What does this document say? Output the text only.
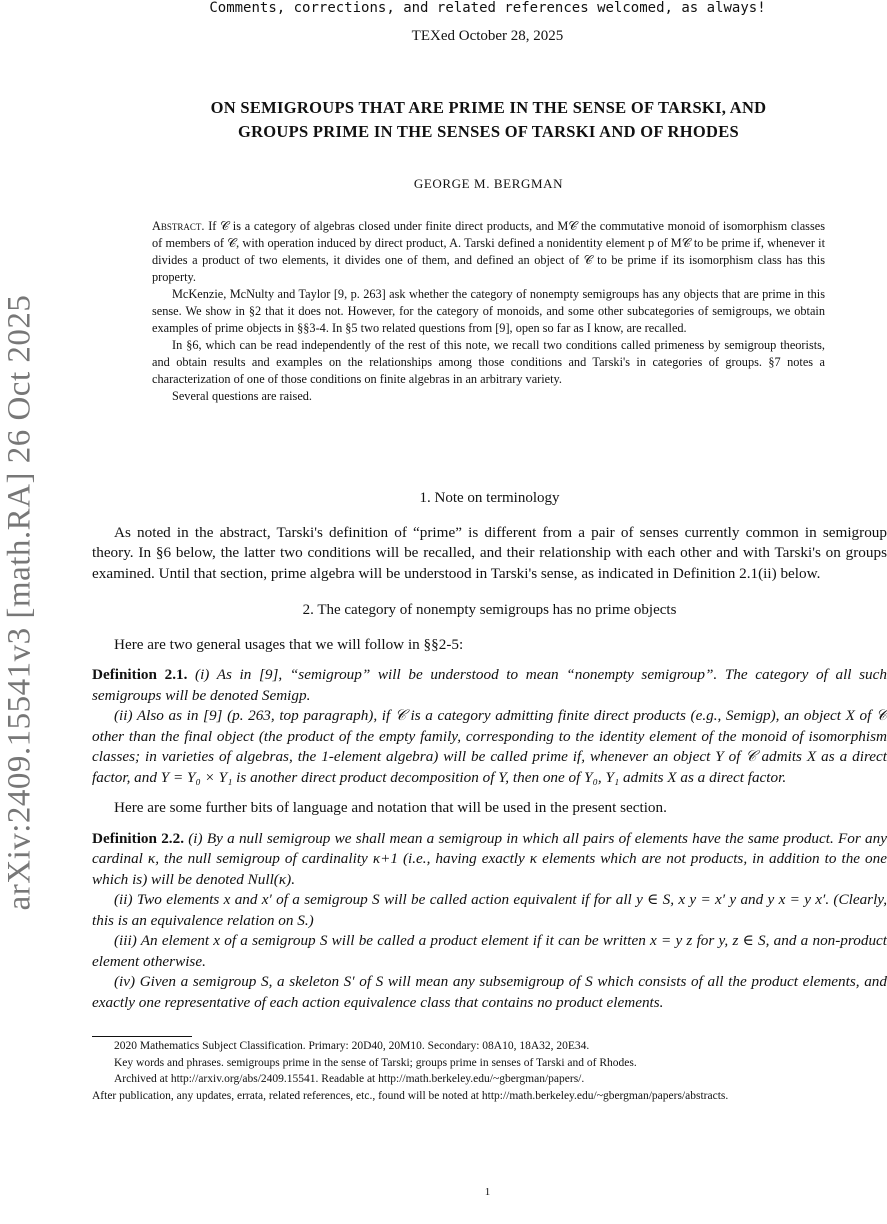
Comments, corrections, and related references welcomed, as always!
TEXed October 28, 2025
arXiv:2409.15541v3 [math.RA] 26 Oct 2025
ON SEMIGROUPS THAT ARE PRIME IN THE SENSE OF TARSKI, AND
GROUPS PRIME IN THE SENSES OF TARSKI AND OF RHODES
GEORGE M. BERGMAN

Abstract. If 𝒞 is a category of algebras closed under finite direct products, and M𝒞 the commutative monoid of isomorphism classes of members of 𝒞, with operation induced by direct product, A. Tarski defined a nonidentity element p of M𝒞 to be prime if, whenever it divides a product of two elements, it divides one of them, and defined an object of 𝒞 to be prime if its isomorphism class has this property.

McKenzie, McNulty and Taylor [9, p. 263] ask whether the category of nonempty semigroups has any objects that are prime in this sense. We show in §2 that it does not. However, for the category of monoids, and some other subcategories of semigroups, we obtain examples of prime objects in §§3-4. In §5 two related questions from [9], open so far as I know, are recalled.

In §6, which can be read independently of the rest of this note, we recall two conditions called primeness by semigroup theorists, and obtain results and examples on the relationships among those conditions and Tarski's in categories of groups. §7 notes a characterization of one of those conditions on finite algebras in an arbitrary variety.

Several questions are raised.

1. Note on terminology

As noted in the abstract, Tarski's definition of “prime” is different from a pair of senses currently common in semigroup theory. In §6 below, the latter two conditions will be recalled, and their relationship with each other and with Tarski's on groups examined. Until that section, prime algebra will be understood in Tarski's sense, as indicated in Definition 2.1(ii) below.

2. The category of nonempty semigroups has no prime objects

Here are two general usages that we will follow in §§2-5:

Definition 2.1. (i) As in [9], “semigroup” will be understood to mean “nonempty semigroup”. The category of all such semigroups will be denoted Semigp.

(ii) Also as in [9] (p. 263, top paragraph), if 𝒞 is a category admitting finite direct products (e.g., Semigp), an object X of 𝒞 other than the final object (the product of the empty family, corresponding to the identity element of the monoid of isomorphism classes; in varieties of algebras, the 1-element algebra) will be called prime if, whenever an object Y of 𝒞 admits X as a direct factor, and Y = Y₀ × Y₁ is another direct product decomposition of Y, then one of Y₀, Y₁ admits X as a direct factor.

Here are some further bits of language and notation that will be used in the present section.

Definition 2.2. (i) By a null semigroup we shall mean a semigroup in which all pairs of elements have the same product. For any cardinal κ, the null semigroup of cardinality κ+1 (i.e., having exactly κ elements which are not products, in addition to the one which is) will be denoted Null(κ).

(ii) Two elements x and x′ of a semigroup S will be called action equivalent if for all y ∈ S, x y = x′ y and y x = y x′. (Clearly, this is an equivalence relation on S.)

(iii) An element x of a semigroup S will be called a product element if it can be written x = y z for y, z ∈ S, and a non-product element otherwise.

(iv) Given a semigroup S, a skeleton S′ of S will mean any subsemigroup of S which consists of all the product elements, and exactly one representative of each action equivalence class that contains no product elements.

2020 Mathematics Subject Classification. Primary: 20D40, 20M10. Secondary: 08A10, 18A32, 20E34.

Key words and phrases. semigroups prime in the sense of Tarski; groups prime in senses of Tarski and of Rhodes.

Archived at http://arxiv.org/abs/2409.15541. Readable at http://math.berkeley.edu/~gbergman/papers/.

After publication, any updates, errata, related references, etc., found will be noted at http://math.berkeley.edu/~gbergman/papers/abstracts.

1
